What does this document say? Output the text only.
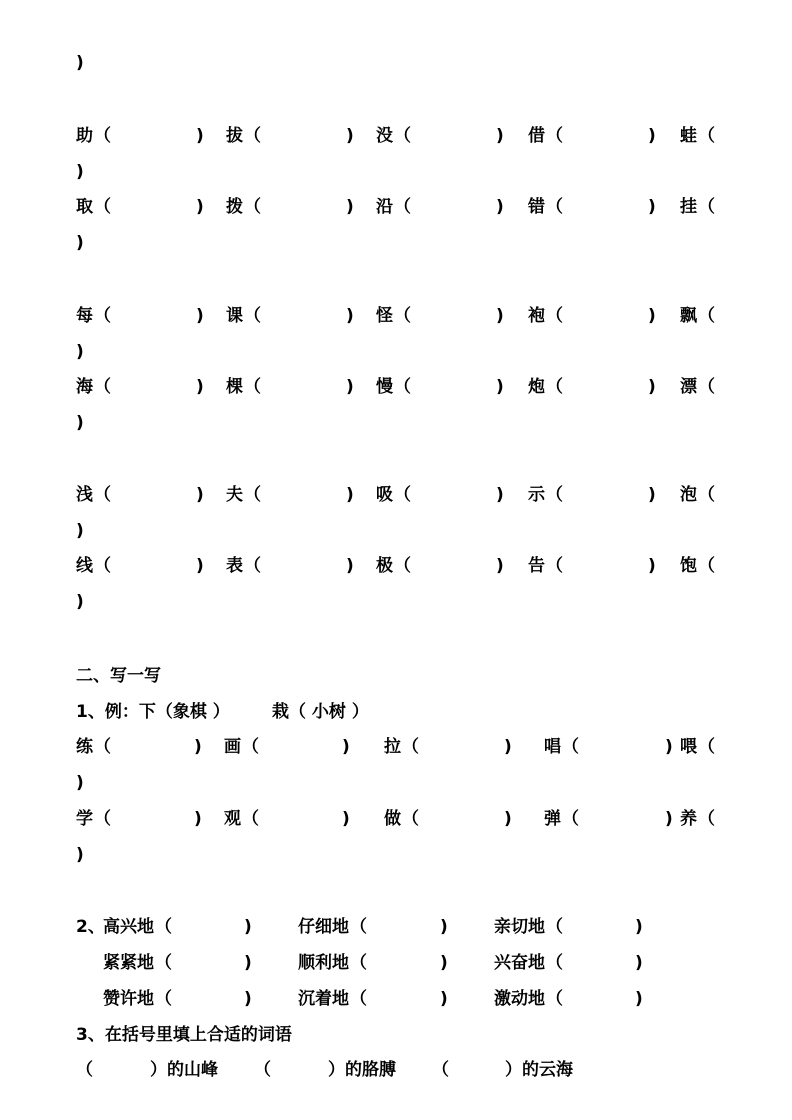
)
助 （	) 拔 （	) 没 （	) 借 （	) 蛙 （
)
取 （	) 拨 （	) 沿 （	) 错 （	) 挂 （
)
每 （	) 课 （	) 怪 （	) 袍 （	) 飘 （
)
海 （	) 棵 （	) 慢 （	) 炮 （	) 漂 （
)
浅 （	) 夫 （	) 吸 （	) 示 （	) 泡 （
)
线 （	) 表 （	) 极 （	) 告 （	) 饱 （
)
二、写一写
1、例：下（象棋 ） 栽（ 小树 ）
练 （	) 画 （	) 拉 （	) 唱 （	) 喂 （
)
学 （	) 观 （	) 做 （	) 弹 （	) 养 （
)
2、
高兴地 （	)	仔细地 （	)	亲切地 （	)
紧紧地 （	)	顺利地 （	)	兴奋地 （	)
赞许地 （	)	沉着地 （	)	激动地 （	)
3、在括号里填上合适的词语
（	）的山峰 （	）的胳膊 （	）的云海
